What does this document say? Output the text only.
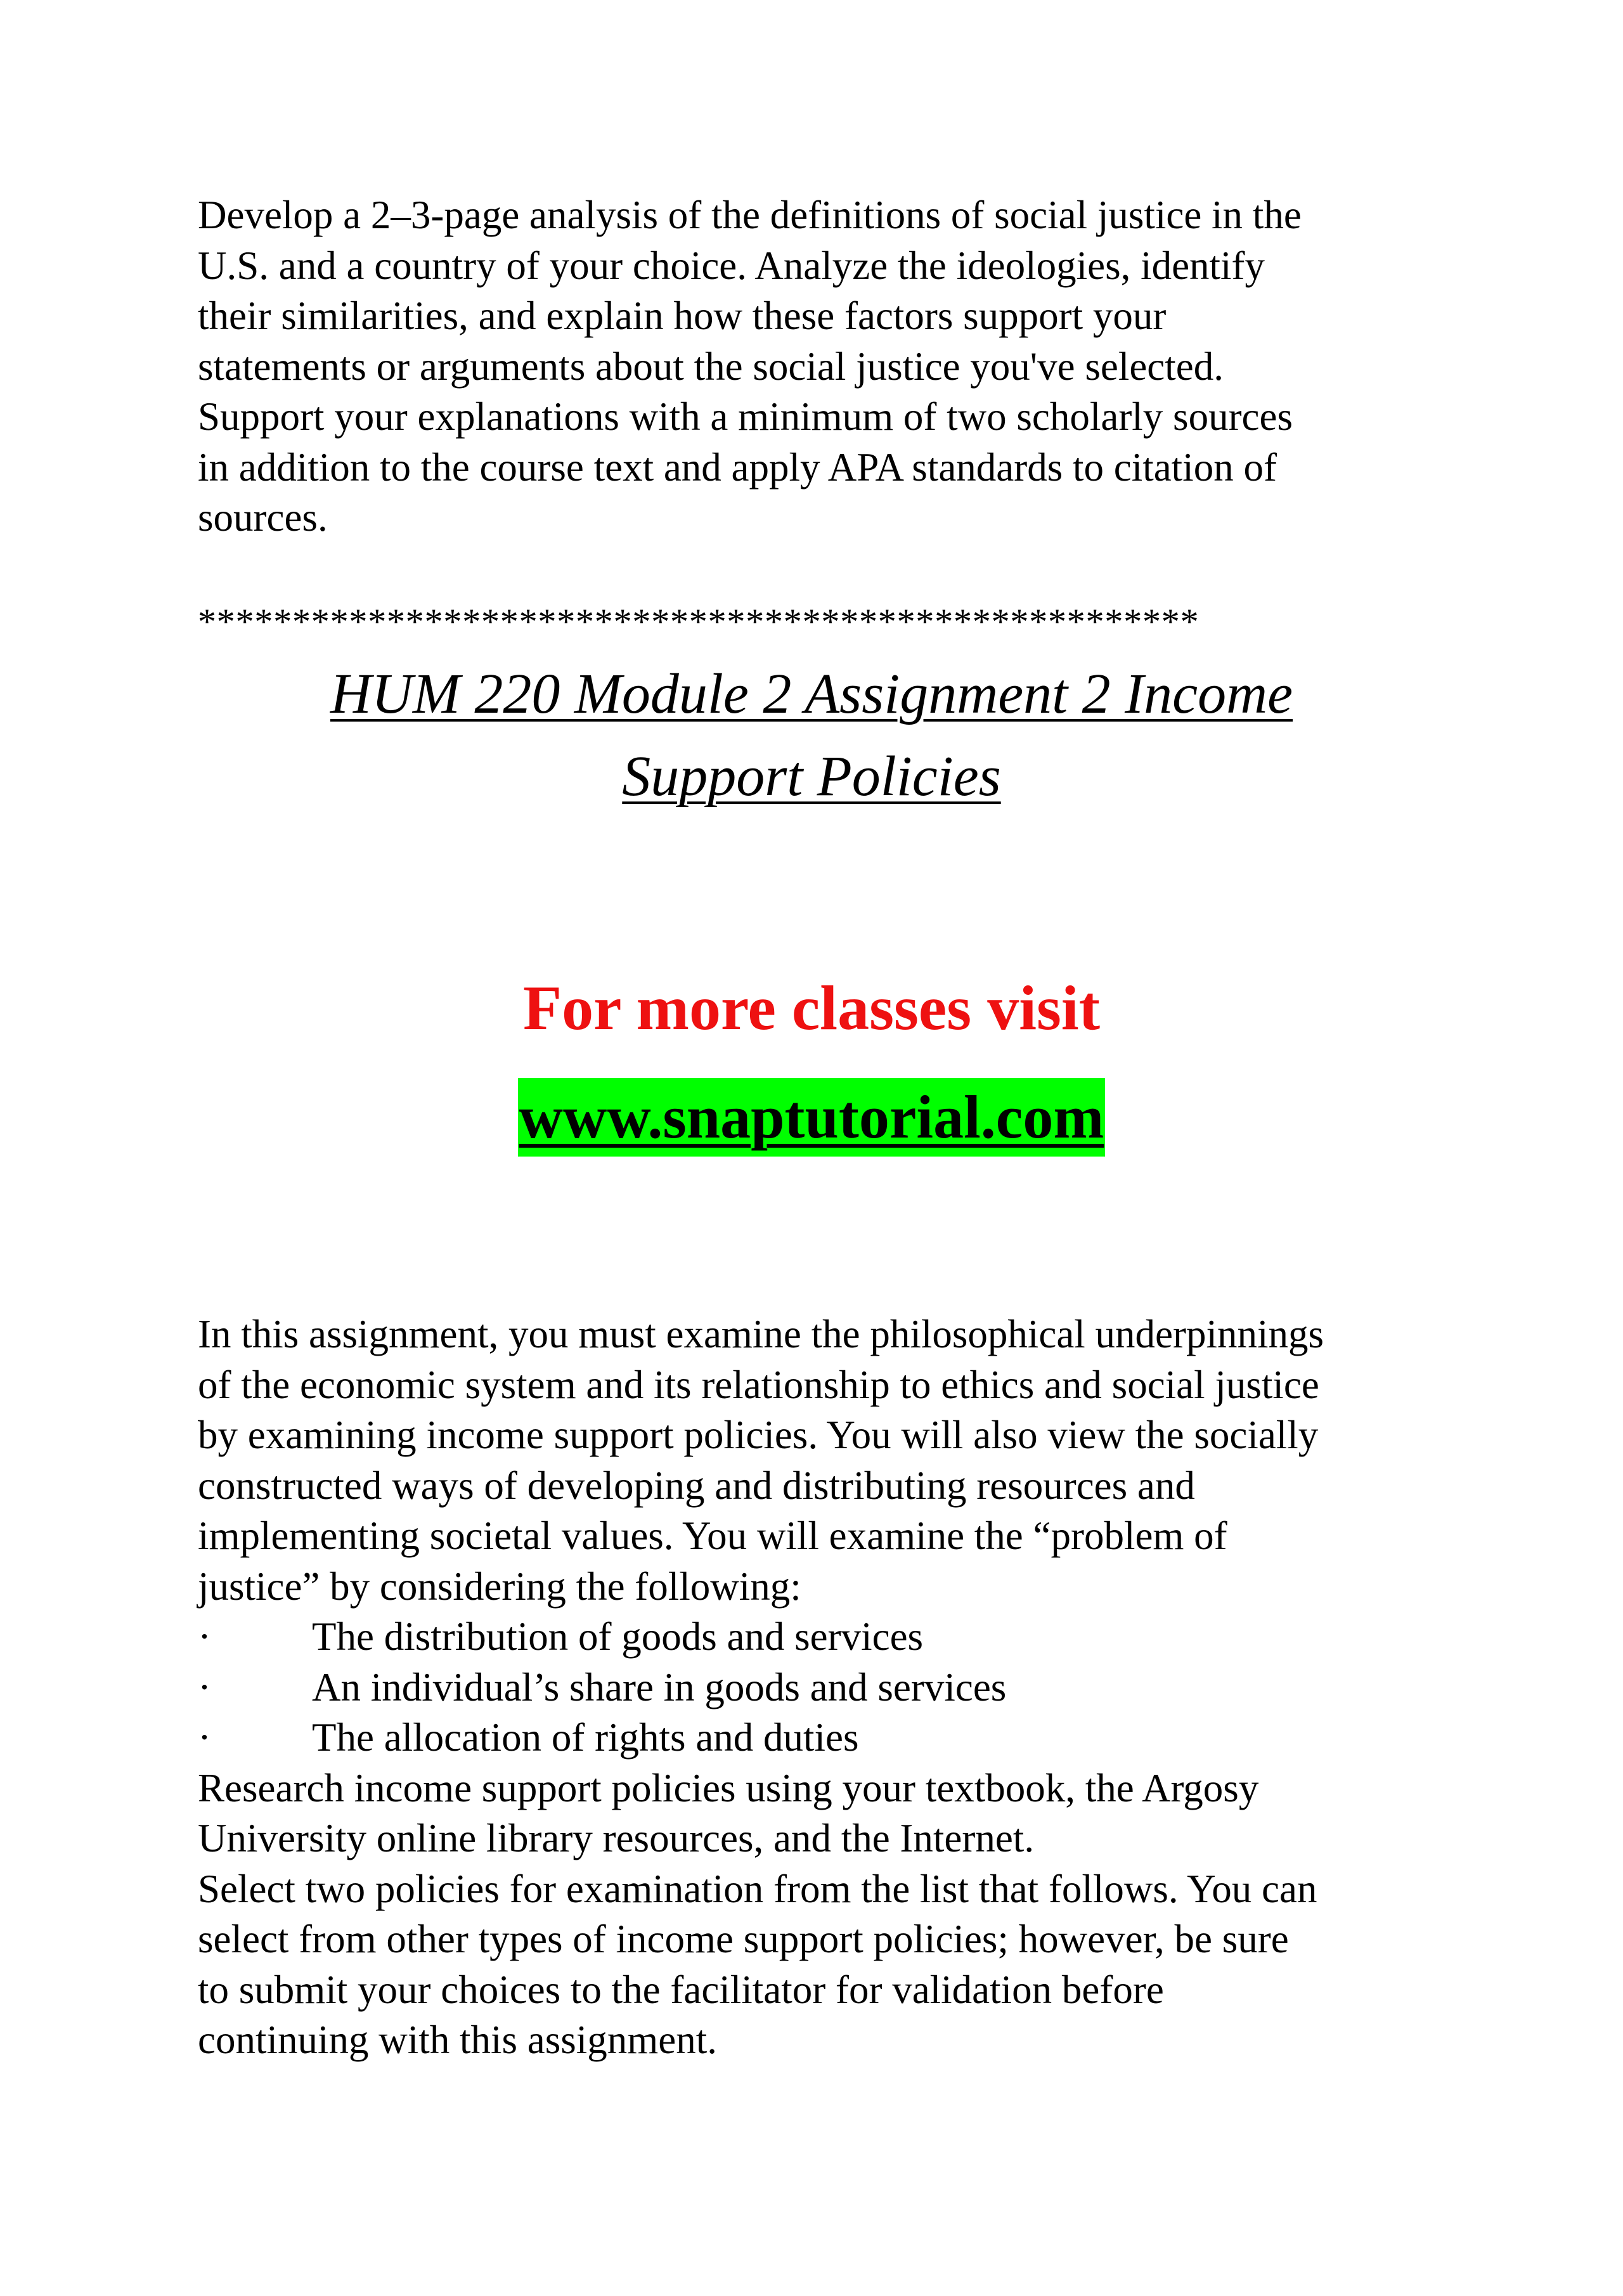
Develop a 2–3-page analysis of the definitions of social justice in the
U.S. and a country of your choice. Analyze the ideologies, identify
their similarities, and explain how these factors support your
statements or arguments about the social justice you've selected.
Support your explanations with a minimum of two scholarly sources
in addition to the course text and apply APA standards to citation of
sources.

*****************************************************
HUM 220 Module 2 Assignment 2 Income
Support Policies
For more classes visit
www.snaptutorial.com
In this assignment, you must examine the philosophical underpinnings
of the economic system and its relationship to ethics and social justice
by examining income support policies. You will also view the socially
constructed ways of developing and distributing resources and
implementing societal values. You will examine the “problem of
justice” by considering the following:
·	The distribution of goods and services
·	An individual’s share in goods and services
·	The allocation of rights and duties
Research income support policies using your textbook, the Argosy
University online library resources, and the Internet.
Select two policies for examination from the list that follows. You can
select from other types of income support policies; however, be sure
to submit your choices to the facilitator for validation before
continuing with this assignment.
